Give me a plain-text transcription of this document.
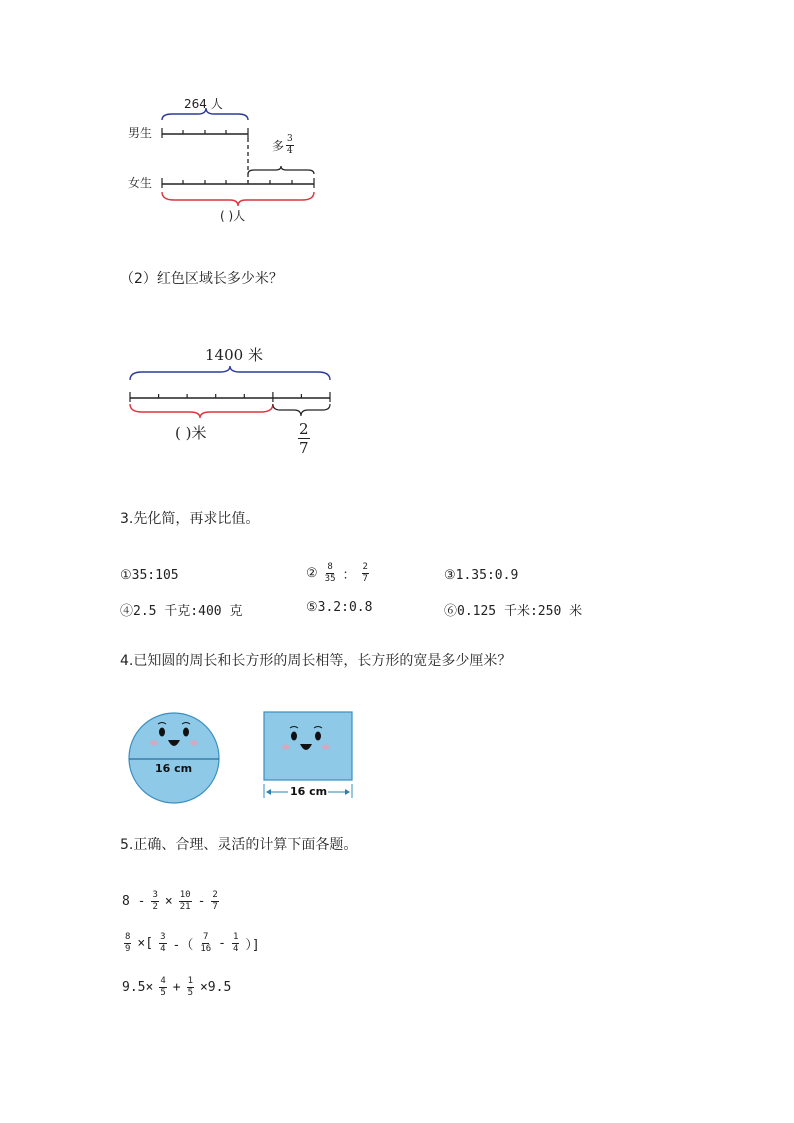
264 人
男生
女生
多 $\frac{3}{4}$
( )人
（2）红色区域长多少米？
1400 米
( )米	$\frac{2}{7}$
3.先化简，再求比值。
①35:105	② $\frac{8}{35}$ ： $\frac{2}{7}$	③1.35:0.9
④2.5 千克:400 克	⑤3.2:0.8	⑥0.125 千米:250 米
4.已知圆的周长和长方形的周长相等，长方形的宽是多少厘米？
16 cm
16 cm
5.正确、合理、灵活的计算下面各题。
$8 - \frac{3}{2} \times \frac{10}{21} - \frac{2}{7}$
$\frac{8}{9}$ ×[ $\frac{3}{4}$ -（ $\frac{7}{16} - \frac{1}{4}$ ）]
$9.5\times \frac{4}{5} + \frac{1}{5} \times 9.5$
